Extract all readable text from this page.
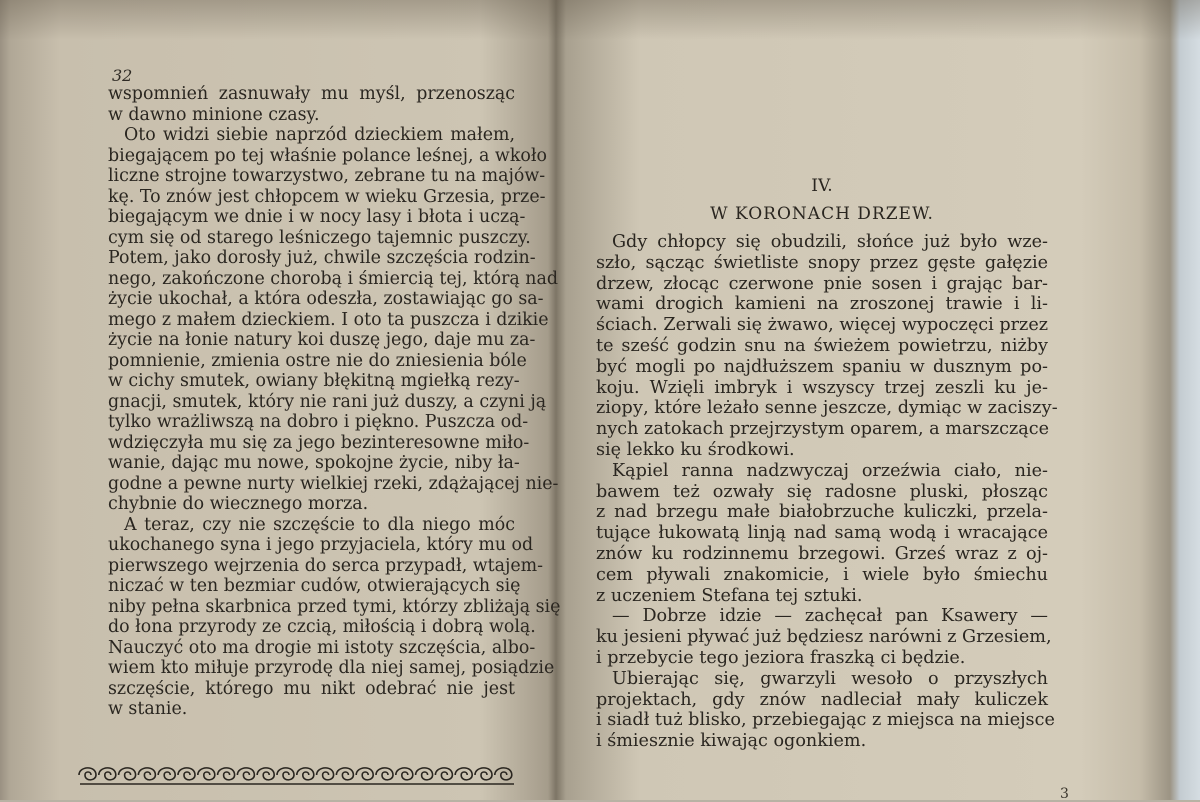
32
wspomnień zasnuwały mu myśl, przenosząc
w dawno minione czasy.
Oto widzi siebie naprzód dzieckiem małem,
biegającem po tej właśnie polance leśnej, a wkoło
liczne strojne towarzystwo, zebrane tu na majów-
kę. To znów jest chłopcem w wieku Grzesia, prze-
biegającym we dnie i w nocy lasy i błota i uczą-
cym się od starego leśniczego tajemnic puszczy.
Potem, jako dorosły już, chwile szczęścia rodzin-
nego, zakończone chorobą i śmiercią tej, którą nad
życie ukochał, a która odeszła, zostawiając go sa-
mego z małem dzieckiem. I oto ta puszcza i dzikie
życie na łonie natury koi duszę jego, daje mu za-
pomnienie, zmienia ostre nie do zniesienia bóle
w cichy smutek, owiany błękitną mgiełką rezy-
gnacji, smutek, który nie rani już duszy, a czyni ją
tylko wrażliwszą na dobro i piękno. Puszcza od-
wdzięczyła mu się za jego bezinteresowne miło-
wanie, dając mu nowe, spokojne życie, niby ła-
godne a pewne nurty wielkiej rzeki, zdążającej nie-
chybnie do wiecznego morza.
A teraz, czy nie szczęście to dla niego móc
ukochanego syna i jego przyjaciela, który mu od
pierwszego wejrzenia do serca przypadł, wtajem-
niczać w ten bezmiar cudów, otwierających się
niby pełna skarbnica przed tymi, którzy zbliżają się
do łona przyrody ze czcią, miłością i dobrą wolą.
Nauczyć oto ma drogie mi istoty szczęścia, albo-
wiem kto miłuje przyrodę dla niej samej, posiądzie
szczęście, którego mu nikt odebrać nie jest
w stanie.
IV.
W KORONACH DRZEW.
Gdy chłopcy się obudzili, słońce już było wze-
szło, sącząc świetliste snopy przez gęste gałęzie
drzew, złocąc czerwone pnie sosen i grając bar-
wami drogich kamieni na zroszonej trawie i li-
ściach. Zerwali się żwawo, więcej wypoczęci przez
te sześć godzin snu na świeżem powietrzu, niżby
być mogli po najdłuższem spaniu w dusznym po-
koju. Wzięli imbryk i wszyscy trzej zeszli ku je-
ziору, które leżało senne jeszcze, dymiąc w zaciszу-
nych zatokach przejrzystym oparem, a marszczące
się lekko ku środkowi.
Kąpiel ranna nadzwyczaj orzeźwia ciało, nie-
bawem też ozwały się radosne pluski, płosząc
z nad brzegu małe białobrzuche kuliczki, przela-
tujące łukowatą linją nad samą wodą i wracające
znów ku rodzinnemu brzegowi. Grześ wraz z oj-
cem pływali znakomicie, i wiele było śmiechu
z uczeniem Stefana tej sztuki.
— Dobrze idzie — zachęcał pan Ksawery —
ku jesieni pływać już będziesz narówni z Grzesiem,
i przebycie tego jeziora fraszką ci będzie.
Ubierając się, gwarzyli wesoło o przyszłych
projektach, gdy znów nadleciał mały kuliczek
i siadł tuż blisko, przebiegając z miejsca na miejsce
i śmiesznie kiwając ogonkiem.
3
